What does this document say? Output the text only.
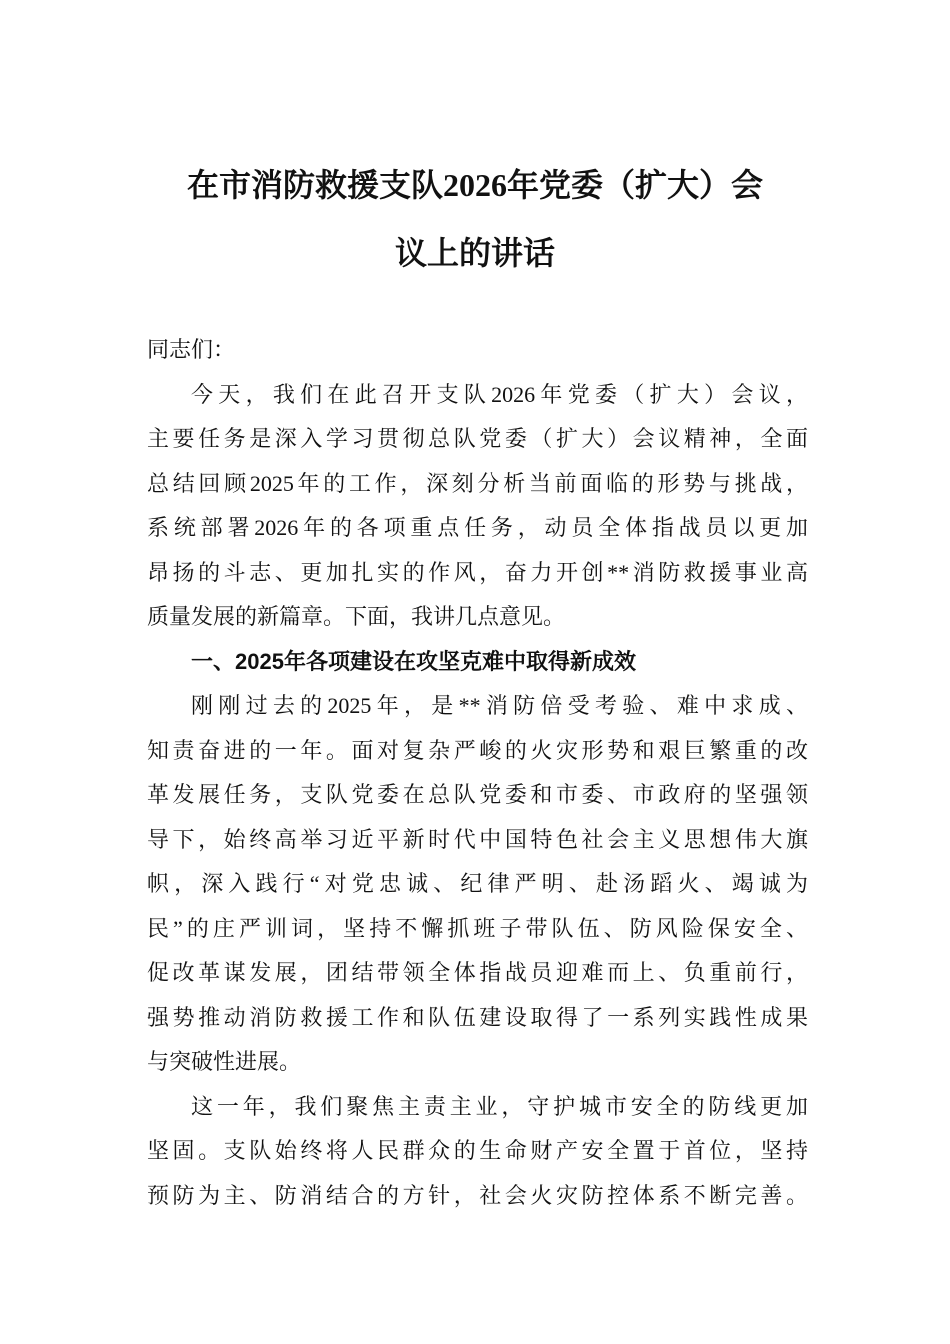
在市消防救援支队2026年党委（扩大）会
议上的讲话
同志们：
今天，我们在此召开支队2026年党委（扩大）会议，
主要任务是深入学习贯彻总队党委（扩大）会议精神，全面
总结回顾2025年的工作，深刻分析当前面临的形势与挑战，
系统部署2026年的各项重点任务，动员全体指战员以更加
昂扬的斗志、更加扎实的作风，奋力开创**消防救援事业高
质量发展的新篇章。下面，我讲几点意见。
一、2025年各项建设在攻坚克难中取得新成效
刚刚过去的2025年，是**消防倍受考验、难中求成、
知责奋进的一年。面对复杂严峻的火灾形势和艰巨繁重的改
革发展任务，支队党委在总队党委和市委、市政府的坚强领
导下，始终高举习近平新时代中国特色社会主义思想伟大旗
帜，深入践行“对党忠诚、纪律严明、赴汤蹈火、竭诚为
民”的庄严训词，坚持不懈抓班子带队伍、防风险保安全、
促改革谋发展，团结带领全体指战员迎难而上、负重前行，
强势推动消防救援工作和队伍建设取得了一系列实践性成果
与突破性进展。
这一年，我们聚焦主责主业，守护城市安全的防线更加
坚固。支队始终将人民群众的生命财产安全置于首位，坚持
预防为主、防消结合的方针，社会火灾防控体系不断完善。
